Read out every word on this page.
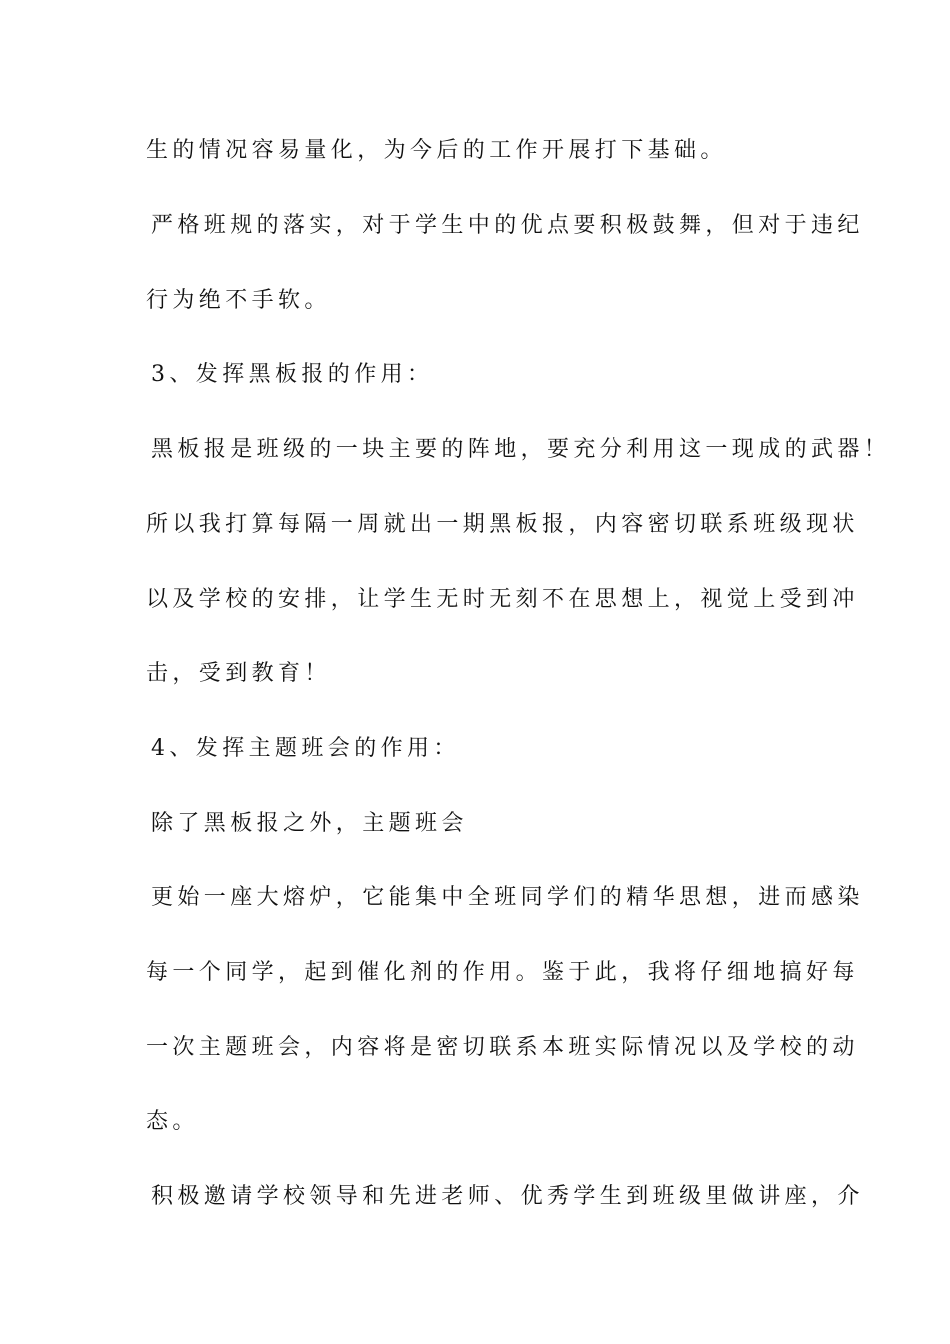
生的情况容易量化，为今后的工作开展打下基础。

严格班规的落实，对于学生中的优点要积极鼓舞，但对于违纪

行为绝不手软。

3、发挥黑板报的作用：

黑板报是班级的一块主要的阵地，要充分利用这一现成的武器！

所以我打算每隔一周就出一期黑板报，内容密切联系班级现状

以及学校的安排，让学生无时无刻不在思想上，视觉上受到冲

击，受到教育！

4、发挥主题班会的作用：

除了黑板报之外，主题班会

更始一座大熔炉，它能集中全班同学们的精华思想，进而感染

每一个同学，起到催化剂的作用。鉴于此，我将仔细地搞好每

一次主题班会，内容将是密切联系本班实际情况以及学校的动

态。

积极邀请学校领导和先进老师、优秀学生到班级里做讲座，介
